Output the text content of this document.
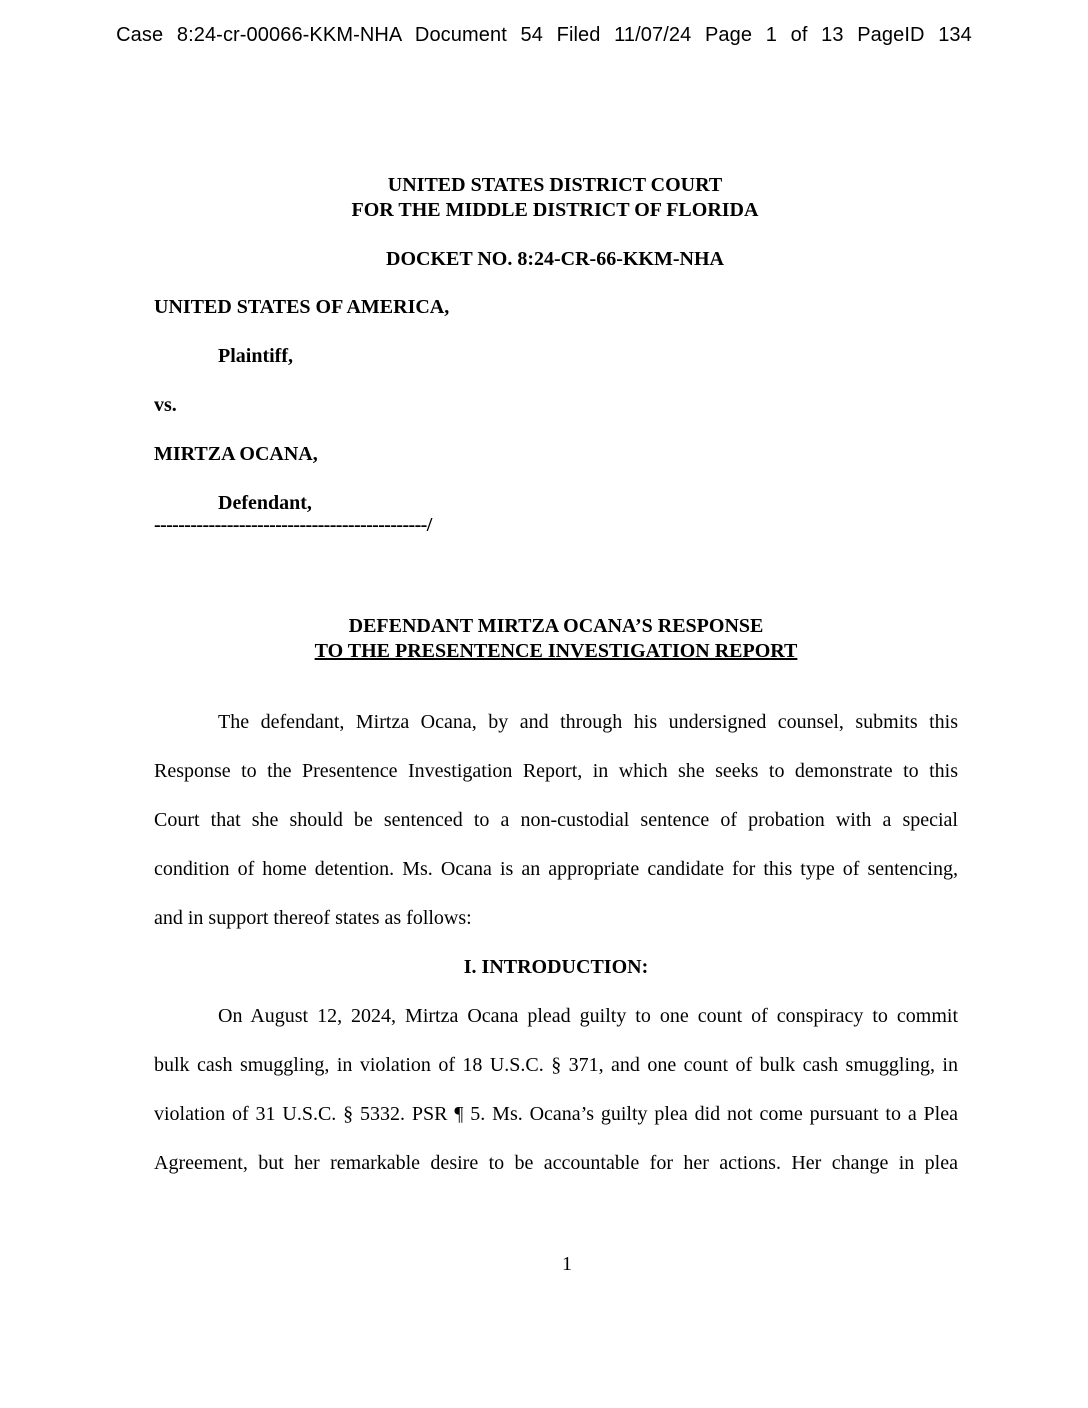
Case 8:24-cr-00066-KKM-NHA Document 54 Filed 11/07/24 Page 1 of 13 PageID 134
UNITED STATES DISTRICT COURT
FOR THE MIDDLE DISTRICT OF FLORIDA
DOCKET NO. 8:24-CR-66-KKM-NHA
UNITED STATES OF AMERICA,
Plaintiff,
vs.
MIRTZA OCANA,
Defendant,
---------------------------------------------/
DEFENDANT MIRTZA OCANA’S RESPONSE
TO THE PRESENTENCE INVESTIGATION REPORT
The defendant, Mirtza Ocana, by and through his undersigned counsel, submits this
Response to the Presentence Investigation Report, in which she seeks to demonstrate to this
Court that she should be sentenced to a non-custodial sentence of probation with a special
condition of home detention. Ms. Ocana is an appropriate candidate for this type of sentencing,
and in support thereof states as follows:
I. INTRODUCTION:
On August 12, 2024, Mirtza Ocana plead guilty to one count of conspiracy to commit
bulk cash smuggling, in violation of 18 U.S.C. § 371, and one count of bulk cash smuggling, in
violation of 31 U.S.C. § 5332. PSR ¶ 5. Ms. Ocana’s guilty plea did not come pursuant to a Plea
Agreement, but her remarkable desire to be accountable for her actions. Her change in plea
1
